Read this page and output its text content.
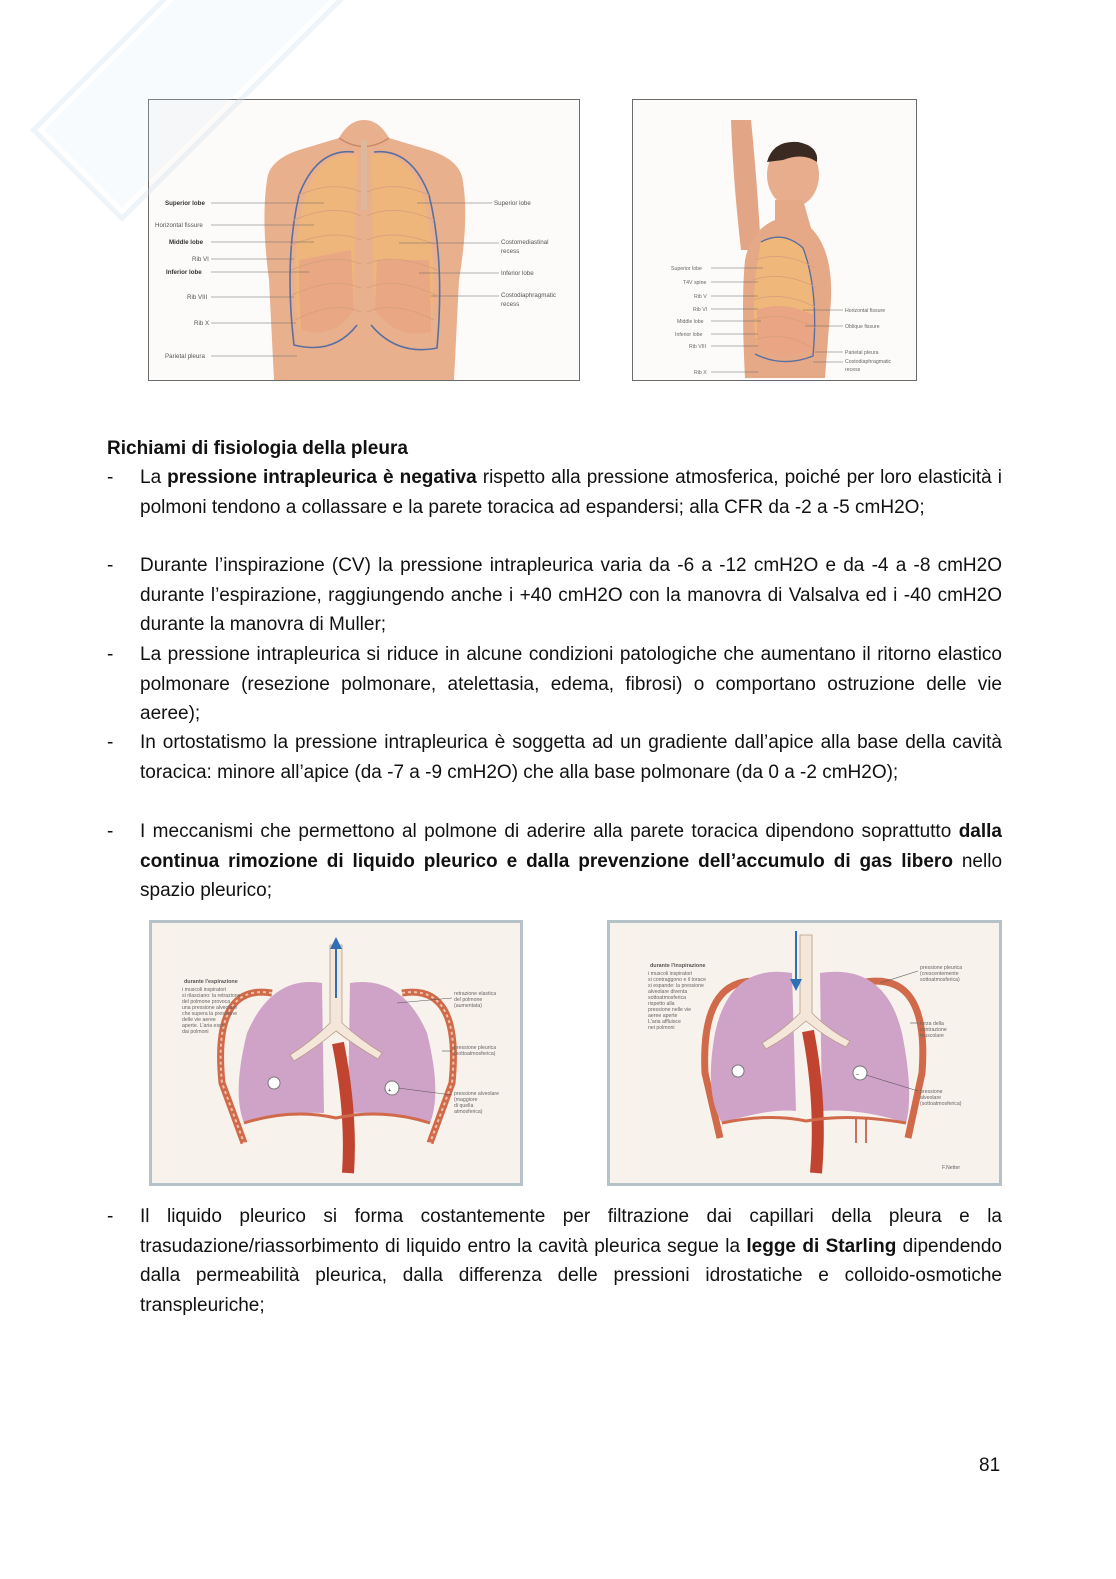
Superior lobe
Horizontal fissure
Middle lobe
Rib VI
Inferior lobe
Rib VIII
Rib X
Parietal pleura
Superior lobe
Costomediastinal
recess
Inferior lobe
Costodiaphragmatic
recess
Superior lobe
T4V spine
Rib V
Rib VI
Middle lobe
Inferior lobe
Rib VIII
Rib X
Horizontal fissure
Oblique fissure
Parietal pleura
Costodiaphragmatic
recess
Richiami di fisiologia della pleura
- La pressione intrapleurica è negativa rispetto alla pressione atmosferica, poiché per loro elasticità i polmoni tendono a collassare e la parete toracica ad espandersi; alla CFR da -2 a -5 cmH2O;
- Durante l’inspirazione (CV) la pressione intrapleurica varia da -6 a -12 cmH2O e da -4 a -8 cmH2O durante l’espirazione, raggiungendo anche i +40 cmH2O con la manovra di Valsalva ed i -40 cmH2O durante la manovra di Muller;
- La pressione intrapleurica si riduce in alcune condizioni patologiche che aumentano il ritorno elastico polmonare (resezione polmonare, atelettasia, edema, fibrosi) o comportano ostruzione delle vie aeree);
- In ortostatismo la pressione intrapleurica è soggetta ad un gradiente dall’apice alla base della cavità toracica: minore all’apice (da -7 a -9 cmH2O) che alla base polmonare (da 0 a -2 cmH2O);
- I meccanismi che permettono al polmone di aderire alla parete toracica dipendono soprattutto dalla continua rimozione di liquido pleurico e dalla prevenzione dell’accumulo di gas libero nello spazio pleurico;
+
durante l'espirazione
i muscoli inspiratori
si rilasciano: la retrazione
del polmone provoca
una pressione alveolare
che supera la pressione
delle vie aeree
aperte. L'aria esce
dai polmoni
retrazione elastica
del polmone
(aumentata)
pressione pleurica
(sottoatmosferica)
pressione alveolare
(maggiore
di quella
atmosferica)
–
durante l'inspirazione
i muscoli inspiratori
si contraggono e il torace
si espande: la pressione
alveolare diventa
sottoatmosferica
rispetto alla
pressione nelle vie
aeree aperte
L'aria affluisce
nei polmoni
pressione pleurica
(crescentemente
sottoatmosferica)
forza della
contrazione
muscolare
pressione
alveolare
(sottoatmosferica)
F.Netter
- Il liquido pleurico si forma costantemente per filtrazione dai capillari della pleura e la trasudazione/riassorbimento di liquido entro la cavità pleurica segue la legge di Starling dipendendo dalla permeabilità pleurica, dalla differenza delle pressioni idrostatiche e colloido-osmotiche transpleuriche;
81
